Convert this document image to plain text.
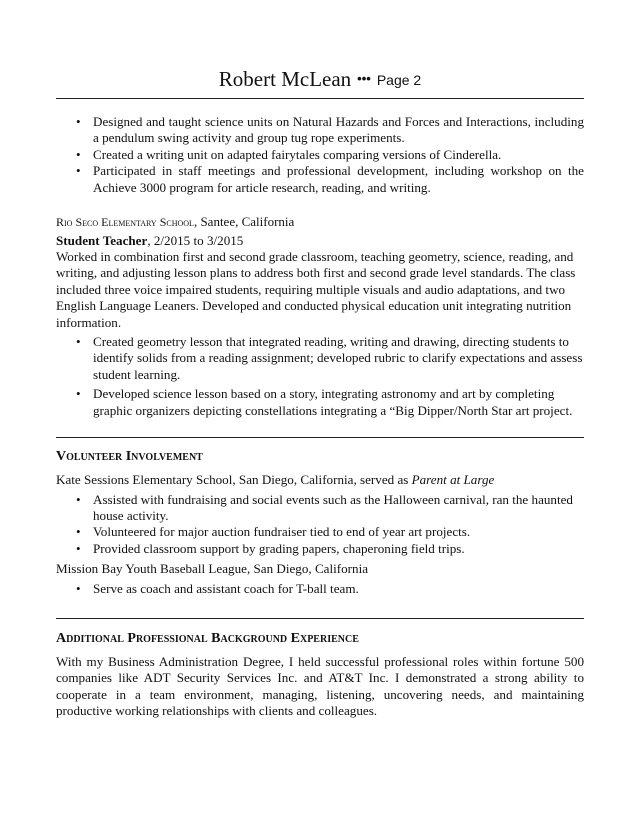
Robert McLean ••• Page 2
• Designed and taught science units on Natural Hazards and Forces and Interactions, including a pendulum swing activity and group tug rope experiments.
• Created a writing unit on adapted fairytales comparing versions of Cinderella.
• Participated in staff meetings and professional development, including workshop on the Achieve 3000 program for article research, reading, and writing.
Rio Seco Elementary School, Santee, California
Student Teacher, 2/2015 to 3/2015

Worked in combination first and second grade classroom, teaching geometry, science, reading, and writing, and adjusting lesson plans to address both first and second grade level standards. The class included three voice impaired students, requiring multiple visuals and audio adaptations, and two English Language Leaners. Developed and conducted physical education unit integrating nutrition information.

• Created geometry lesson that integrated reading, writing and drawing, directing students to identify solids from a reading assignment; developed rubric to clarify expectations and assess student learning.
• Developed science lesson based on a story, integrating astronomy and art by completing graphic organizers depicting constellations integrating a “Big Dipper/North Star art project.
Volunteer Involvement

Kate Sessions Elementary School, San Diego, California, served as Parent at Large

• Assisted with fundraising and social events such as the Halloween carnival, ran the haunted house activity.
• Volunteered for major auction fundraiser tied to end of year art projects.
• Provided classroom support by grading papers, chaperoning field trips.

Mission Bay Youth Baseball League, San Diego, California

• Serve as coach and assistant coach for T-ball team.
Additional Professional Background Experience

With my Business Administration Degree, I held successful professional roles within fortune 500 companies like ADT Security Services Inc. and AT&T Inc. I demonstrated a strong ability to cooperate in a team environment, managing, listening, uncovering needs, and maintaining productive working relationships with clients and colleagues.
